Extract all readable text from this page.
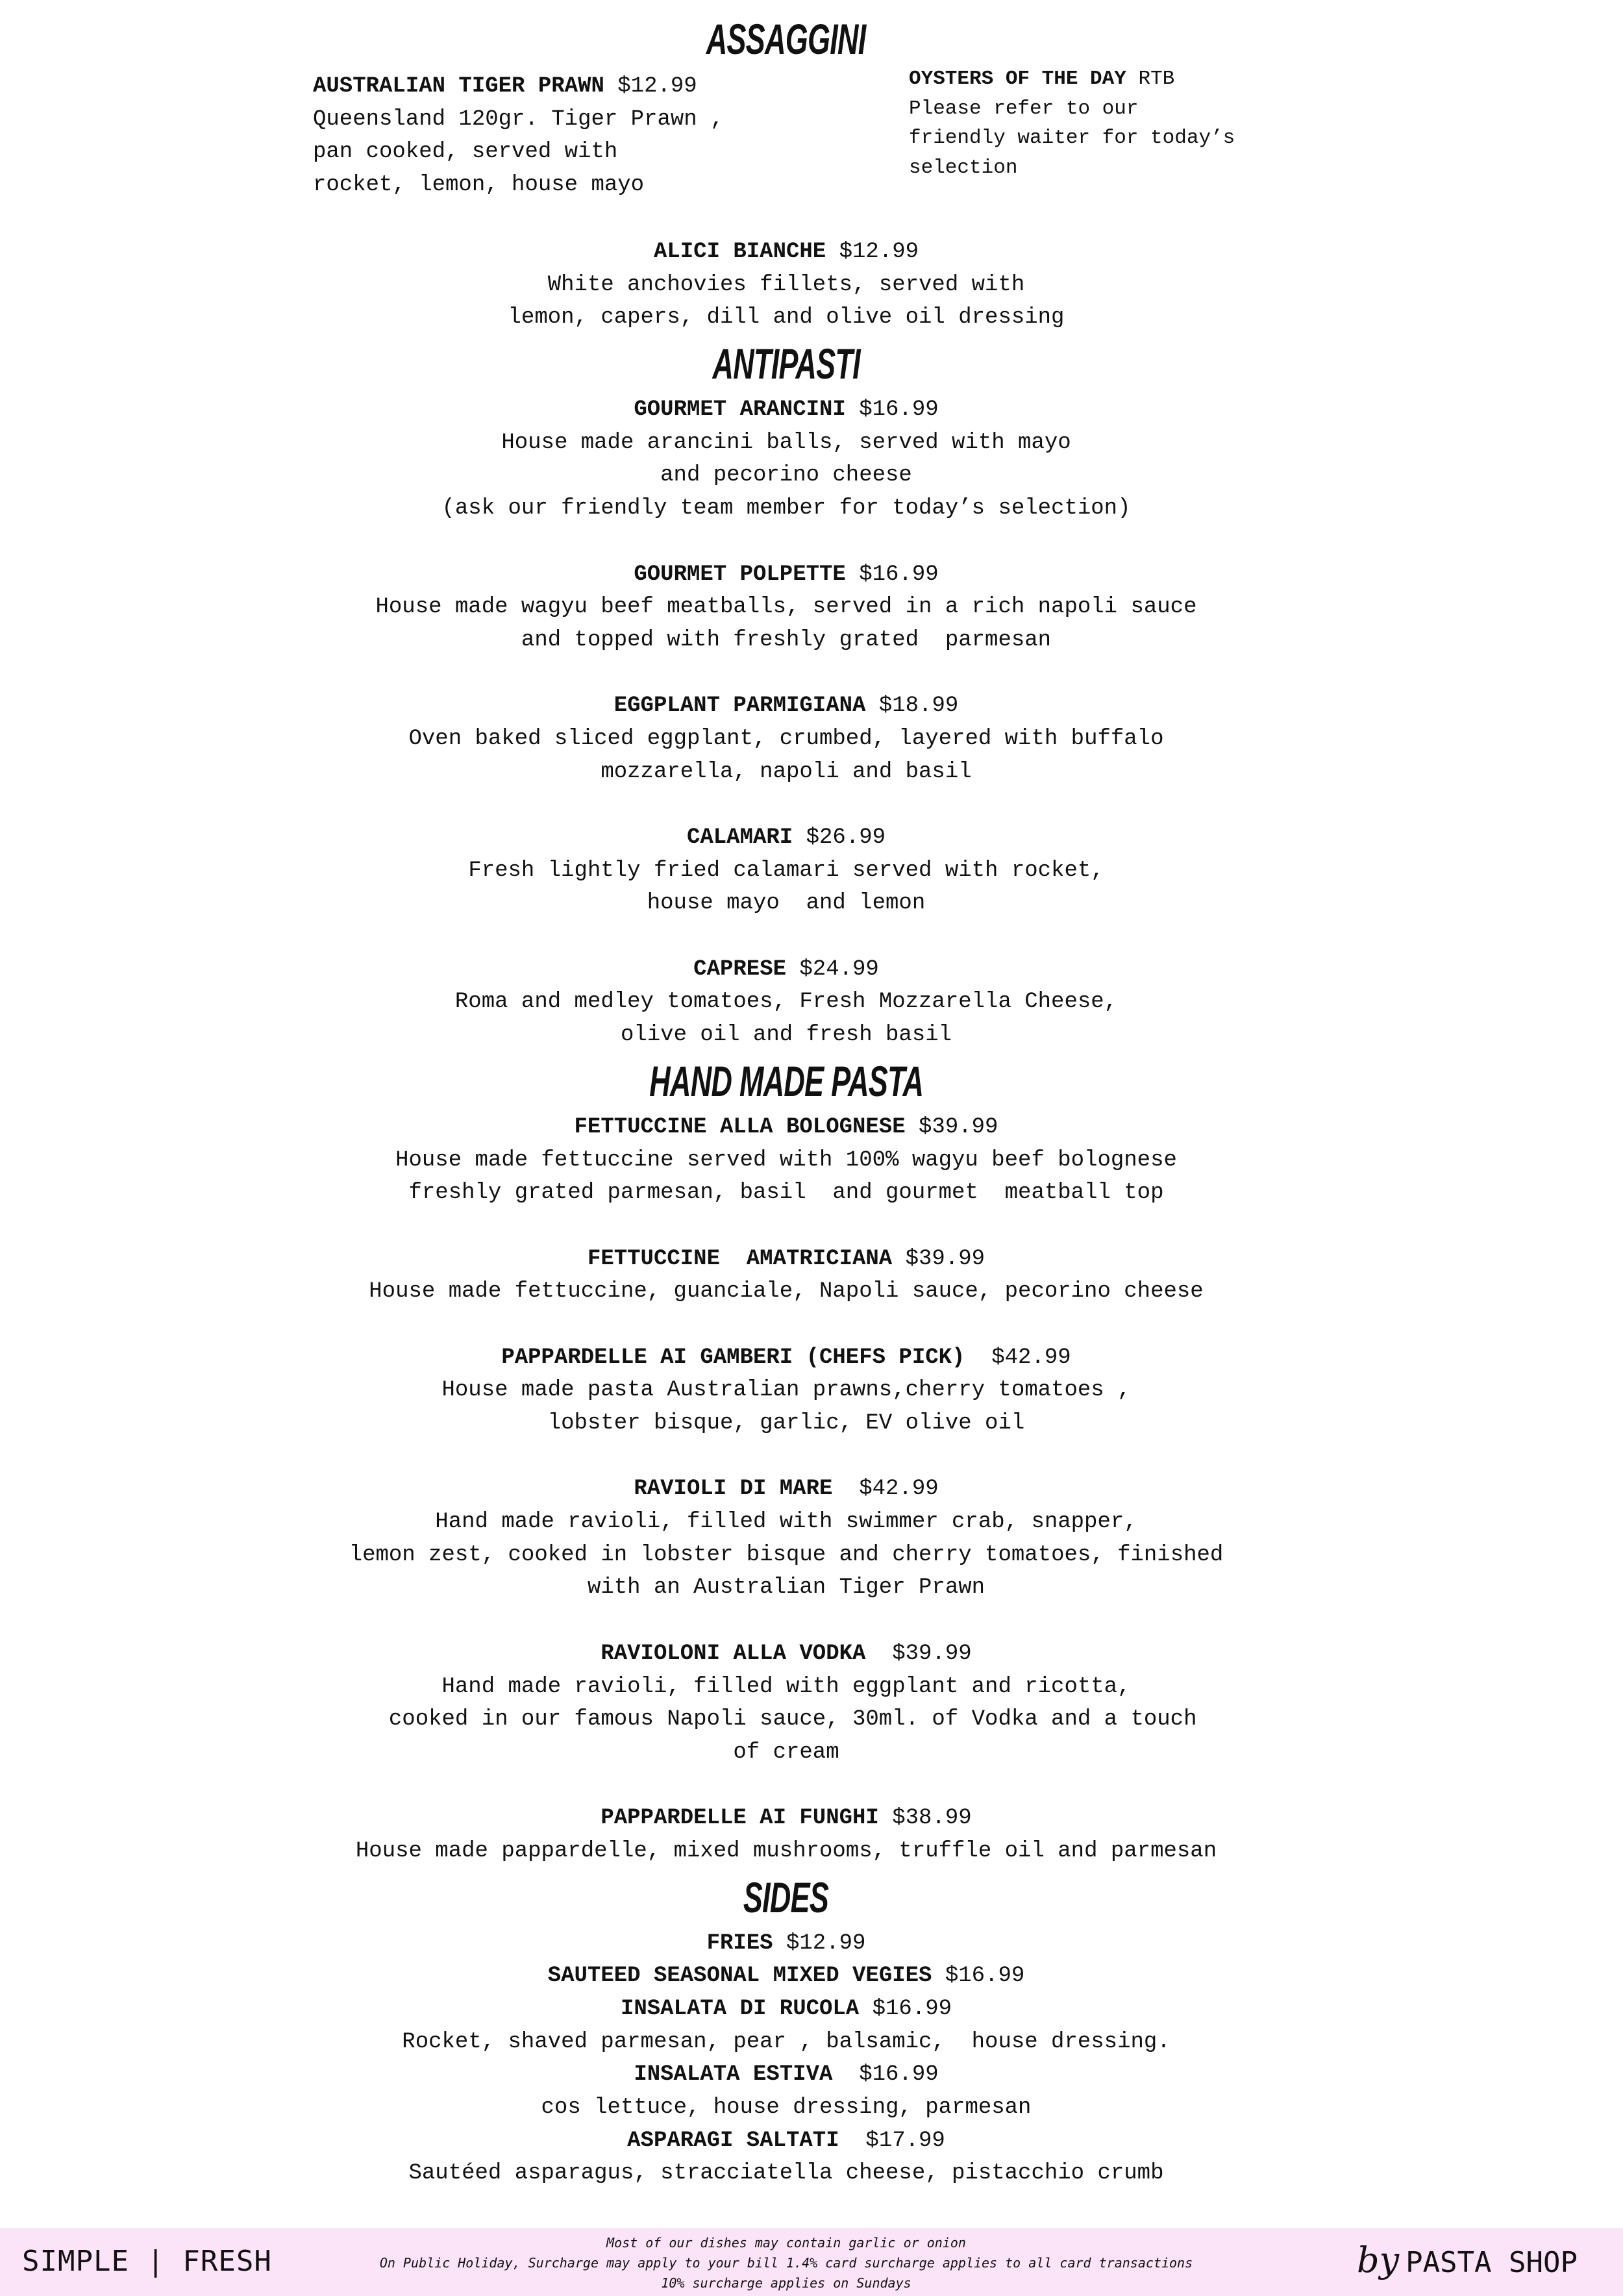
ASSAGGINI
AUSTRALIAN TIGER PRAWN $12.99
Queensland 120gr. Tiger Prawn ,
pan cooked, served with
rocket, lemon, house mayo
OYSTERS OF THE DAY RTB
Please refer to our
friendly waiter for today’s
selection
ALICI BIANCHE $12.99
White anchovies fillets, served with
lemon, capers, dill and olive oil dressing
ANTIPASTI
GOURMET ARANCINI $16.99
House made arancini balls, served with mayo
and pecorino cheese
(ask our friendly team member for today’s selection)
GOURMET POLPETTE $16.99
House made wagyu beef meatballs, served in a rich napoli sauce
and topped with freshly grated  parmesan
EGGPLANT PARMIGIANA $18.99
Oven baked sliced eggplant, crumbed, layered with buffalo
mozzarella, napoli and basil
CALAMARI $26.99
Fresh lightly fried calamari served with rocket,
house mayo  and lemon
CAPRESE $24.99
Roma and medley tomatoes, Fresh Mozzarella Cheese,
olive oil and fresh basil
HAND MADE PASTA
FETTUCCINE ALLA BOLOGNESE $39.99
House made fettuccine served with 100% wagyu beef bolognese
freshly grated parmesan, basil  and gourmet  meatball top
FETTUCCINE  AMATRICIANA $39.99
House made fettuccine, guanciale, Napoli sauce, pecorino cheese
PAPPARDELLE AI GAMBERI (CHEFS PICK)  $42.99
House made pasta Australian prawns,cherry tomatoes ,
lobster bisque, garlic, EV olive oil
RAVIOLI DI MARE  $42.99
Hand made ravioli, filled with swimmer crab, snapper,
lemon zest, cooked in lobster bisque and cherry tomatoes, finished
with an Australian Tiger Prawn
RAVIOLONI ALLA VODKA  $39.99
Hand made ravioli, filled with eggplant and ricotta,
cooked in our famous Napoli sauce, 30ml. of Vodka and a touch
of cream
PAPPARDELLE AI FUNGHI $38.99
House made pappardelle, mixed mushrooms, truffle oil and parmesan
SIDES
FRIES $12.99
SAUTEED SEASONAL MIXED VEGIES $16.99
INSALATA DI RUCOLA $16.99
Rocket, shaved parmesan, pear , balsamic,  house dressing.
INSALATA ESTIVA  $16.99
cos lettuce, house dressing, parmesan
ASPARAGI SALTATI  $17.99
Sautéed asparagus, stracciatella cheese, pistacchio crumb
SIMPLE | FRESH
Most of our dishes may contain garlic or onion
On Public Holiday, Surcharge may apply to your bill 1.4% card surcharge applies to all card transactions
10% surcharge applies on Sundays
by PASTA SHOP
